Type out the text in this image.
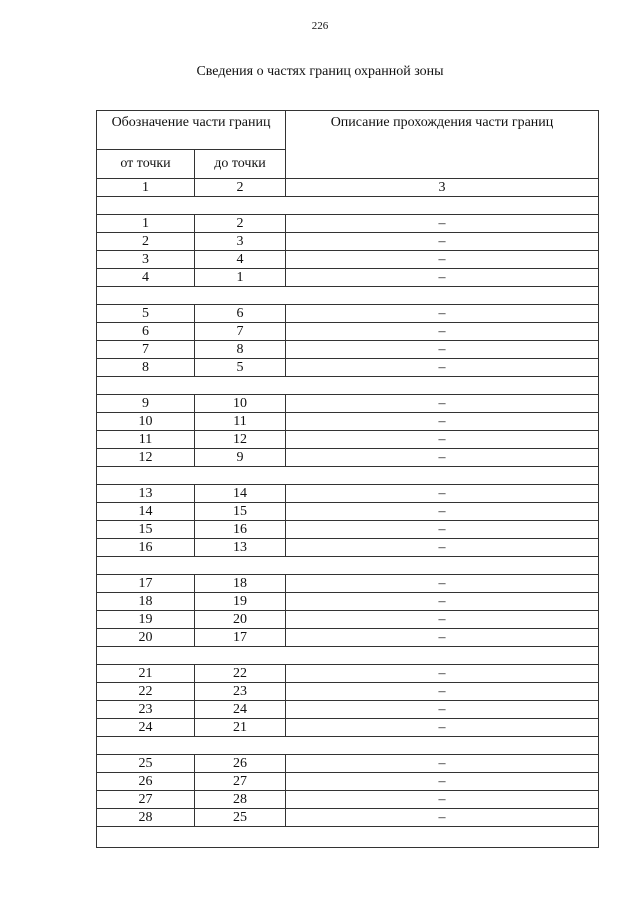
226
Сведения о частях границ охранной зоны
Обозначение части границ		Описание прохождения части границ
от точки	до точки	
1	2	3

1	2	–
2	3	–
3	4	–
4	1	–

5	6	–
6	7	–
7	8	–
8	5	–

9	10	–
10	11	–
11	12	–
12	9	–

13	14	–
14	15	–
15	16	–
16	13	–

17	18	–
18	19	–
19	20	–
20	17	–

21	22	–
22	23	–
23	24	–
24	21	–

25	26	–
26	27	–
27	28	–
28	25	–
